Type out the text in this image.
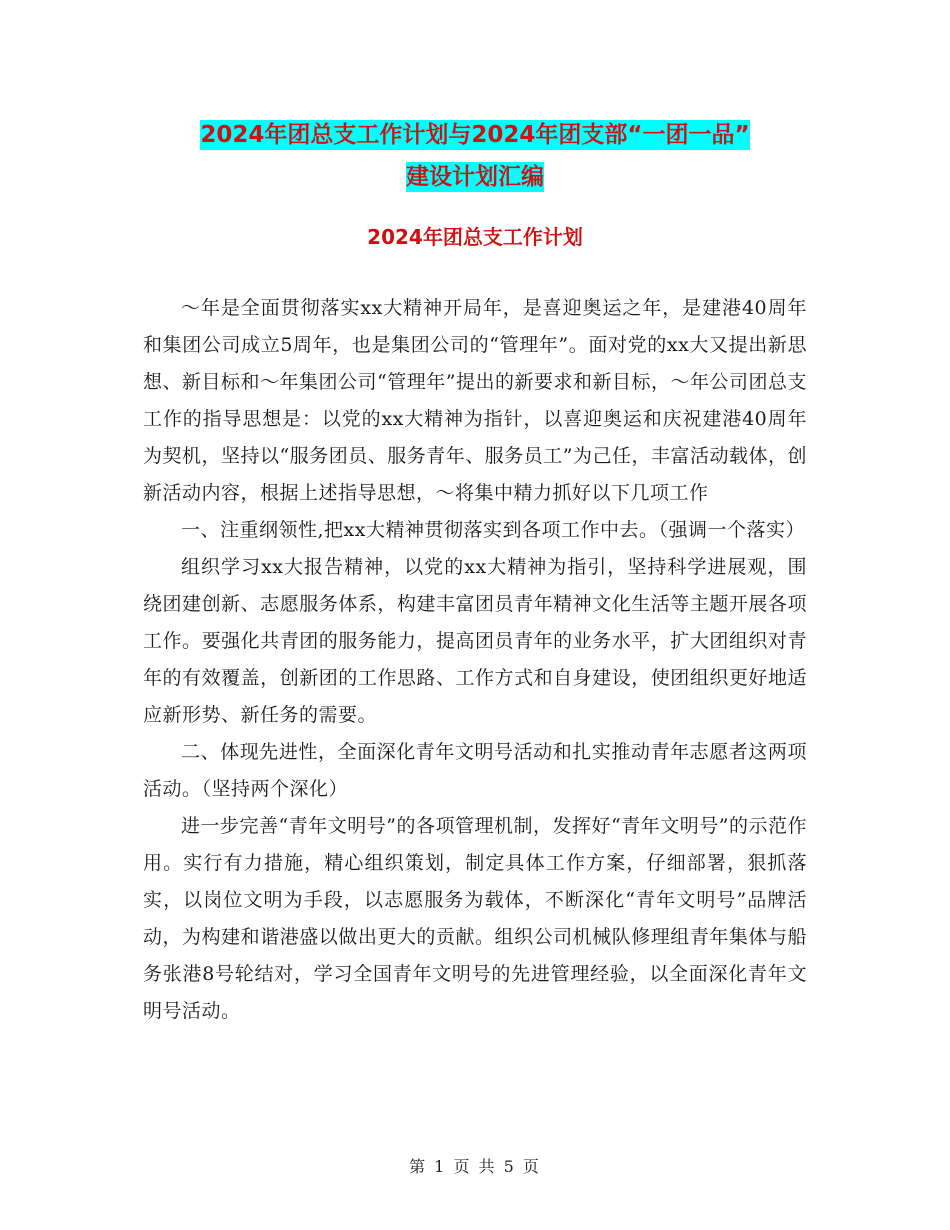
2024年团总支工作计划与2024年团支部“一团一品”
建设计划汇编
2024年团总支工作计划

～年是全面贯彻落实xx大精神开局年，是喜迎奥运之年，是建港40周年和集团公司成立5周年，也是集团公司的“管理年”。面对党的xx大又提出新思想、新目标和～年集团公司“管理年”提出的新要求和新目标，～年公司团总支工作的指导思想是：以党的xx大精神为指针，以喜迎奥运和庆祝建港40周年为契机，坚持以“服务团员、服务青年、服务员工”为己任，丰富活动载体，创新活动内容，根据上述指导思想，～将集中精力抓好以下几项工作

一、注重纲领性,把xx大精神贯彻落实到各项工作中去。（强调一个落实）

组织学习xx大报告精神，以党的xx大精神为指引，坚持科学进展观，围绕团建创新、志愿服务体系，构建丰富团员青年精神文化生活等主题开展各项工作。要强化共青团的服务能力，提高团员青年的业务水平，扩大团组织对青年的有效覆盖，创新团的工作思路、工作方式和自身建设，使团组织更好地适应新形势、新任务的需要。

二、体现先进性，全面深化青年文明号活动和扎实推动青年志愿者这两项活动。（坚持两个深化）

进一步完善“青年文明号”的各项管理机制，发挥好“青年文明号”的示范作用。实行有力措施，精心组织策划，制定具体工作方案，仔细部署，狠抓落实，以岗位文明为手段，以志愿服务为载体，不断深化“青年文明号”品牌活动，为构建和谐港盛以做出更大的贡献。组织公司机械队修理组青年集体与船务张港8号轮结对，学习全国青年文明号的先进管理经验，以全面深化青年文明号活动。

第 1 页 共 5 页
